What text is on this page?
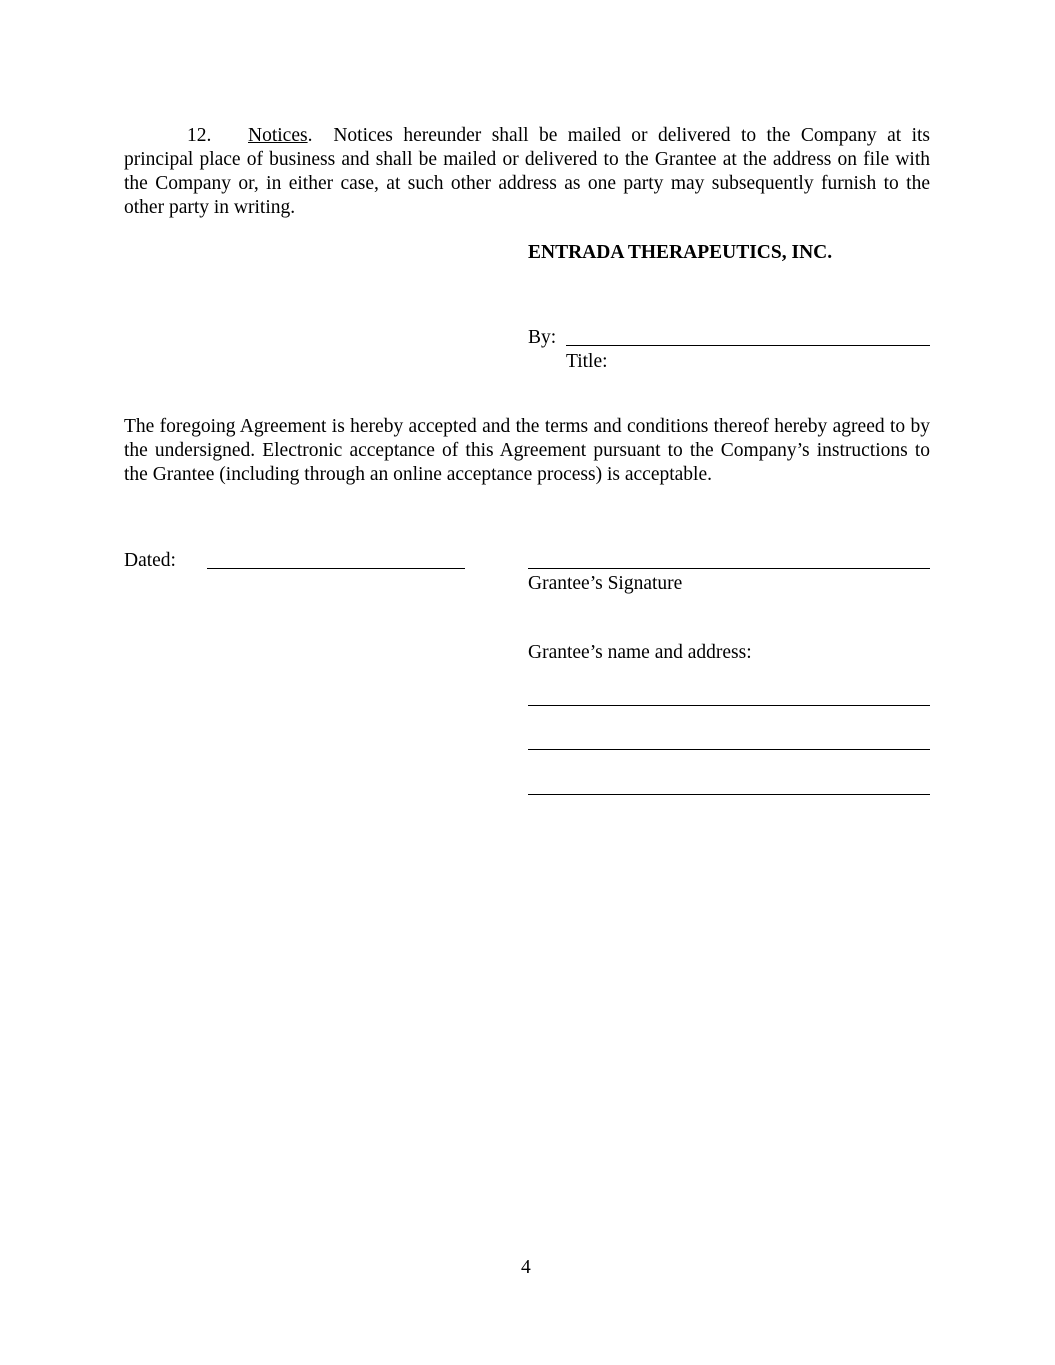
12. Notices.  Notices hereunder shall be mailed or delivered to the Company at its principal place of business and shall be mailed or delivered to the Grantee at the address on file with the Company or, in either case, at such other address as one party may subsequently furnish to the other party in writing.
ENTRADA THERAPEUTICS, INC.
By:
Title:
The foregoing Agreement is hereby accepted and the terms and conditions thereof hereby agreed to by the undersigned. Electronic acceptance of this Agreement pursuant to the Company’s instructions to the Grantee (including through an online acceptance process) is acceptable.
Dated:
Grantee’s Signature
Grantee’s name and address:
4
